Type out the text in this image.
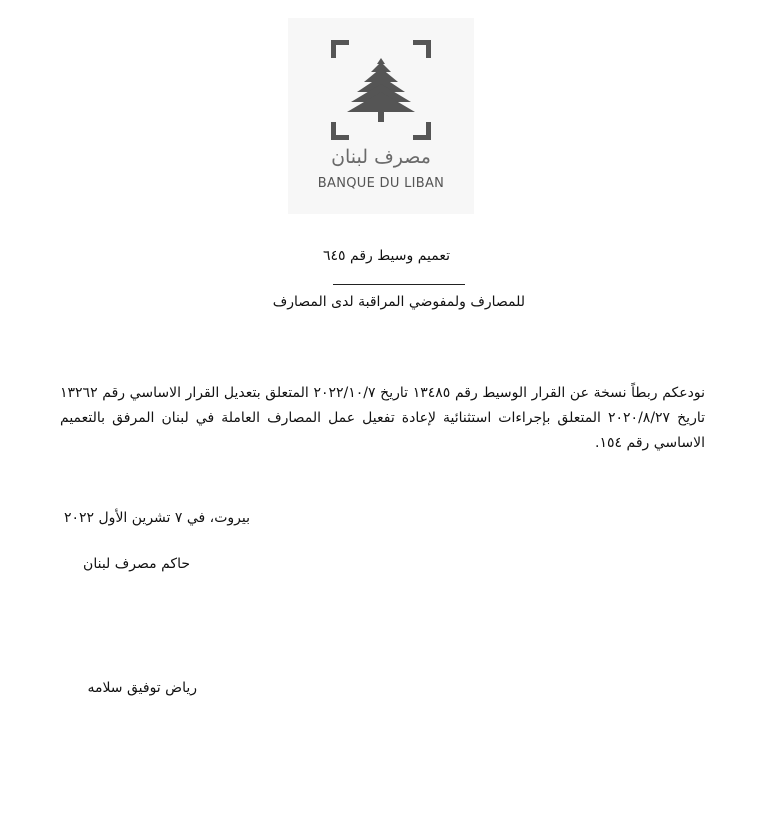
مصرف لبنان
BANQUE DU LIBAN
تعميم وسيط رقم ٦٤٥
للمصارف ولمفوضي المراقبة لدى المصارف
نودعكم ربطاً نسخة عن القرار الوسيط رقم ١٣٤٨٥ تاريخ ٢٠٢٢/١٠/٧ المتعلق بتعديل القرار الاساسي رقم ١٣٢٦٢ تاريخ ٢٠٢٠/٨/٢٧ المتعلق بإجراءات استثنائية لإعادة تفعيل عمل المصارف العاملة في لبنان المرفق بالتعميم الاساسي رقم ١٥٤.
بيروت، في ٧ تشرين الأول ٢٠٢٢
حاكم مصرف لبنان
رياض توفيق سلامه
